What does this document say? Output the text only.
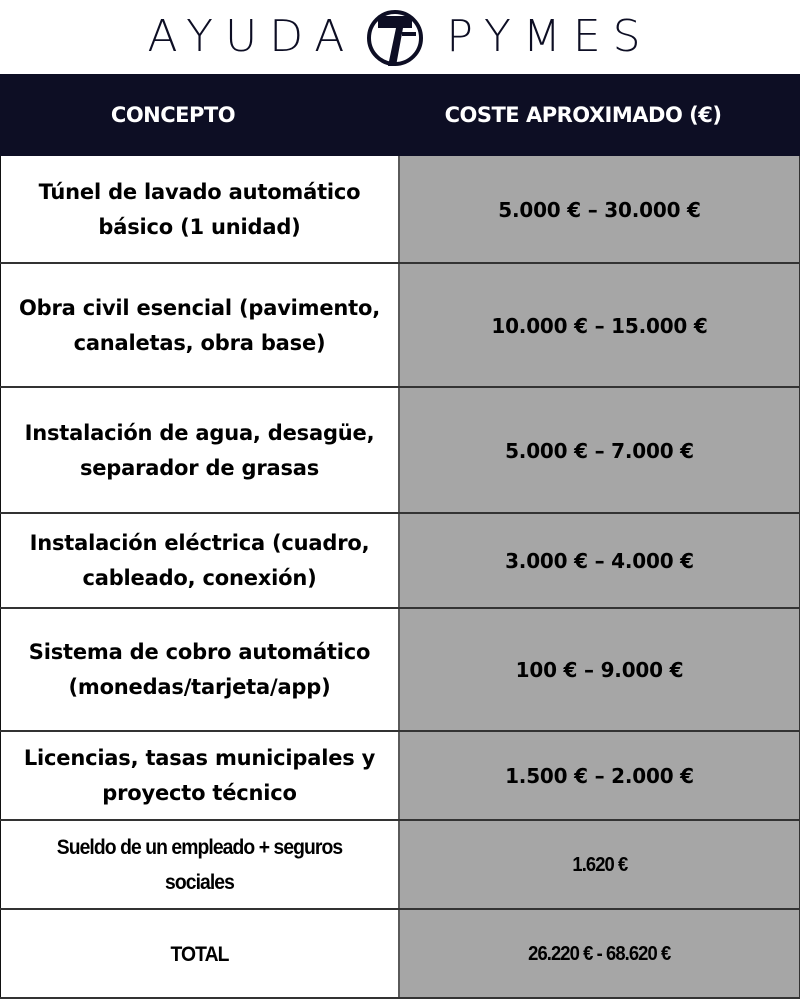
AYUDA PYMES
CONCEPTO	COSTE APROXIMADO (€)
Túnel de lavado automático básico (1 unidad)
5.000 € – 30.000 €
Obra civil esencial (pavimento, canaletas, obra base)
10.000 € – 15.000 €
Instalación de agua, desagüe, separador de grasas
5.000 € – 7.000 €
Instalación eléctrica (cuadro, cableado, conexión)
3.000 € – 4.000 €
Sistema de cobro automático (monedas/tarjeta/app)
100 € – 9.000 €
Licencias, tasas municipales y proyecto técnico
1.500 € – 2.000 €
Sueldo de un empleado + seguros sociales
1.620 €
TOTAL	26.220 € - 68.620 €
